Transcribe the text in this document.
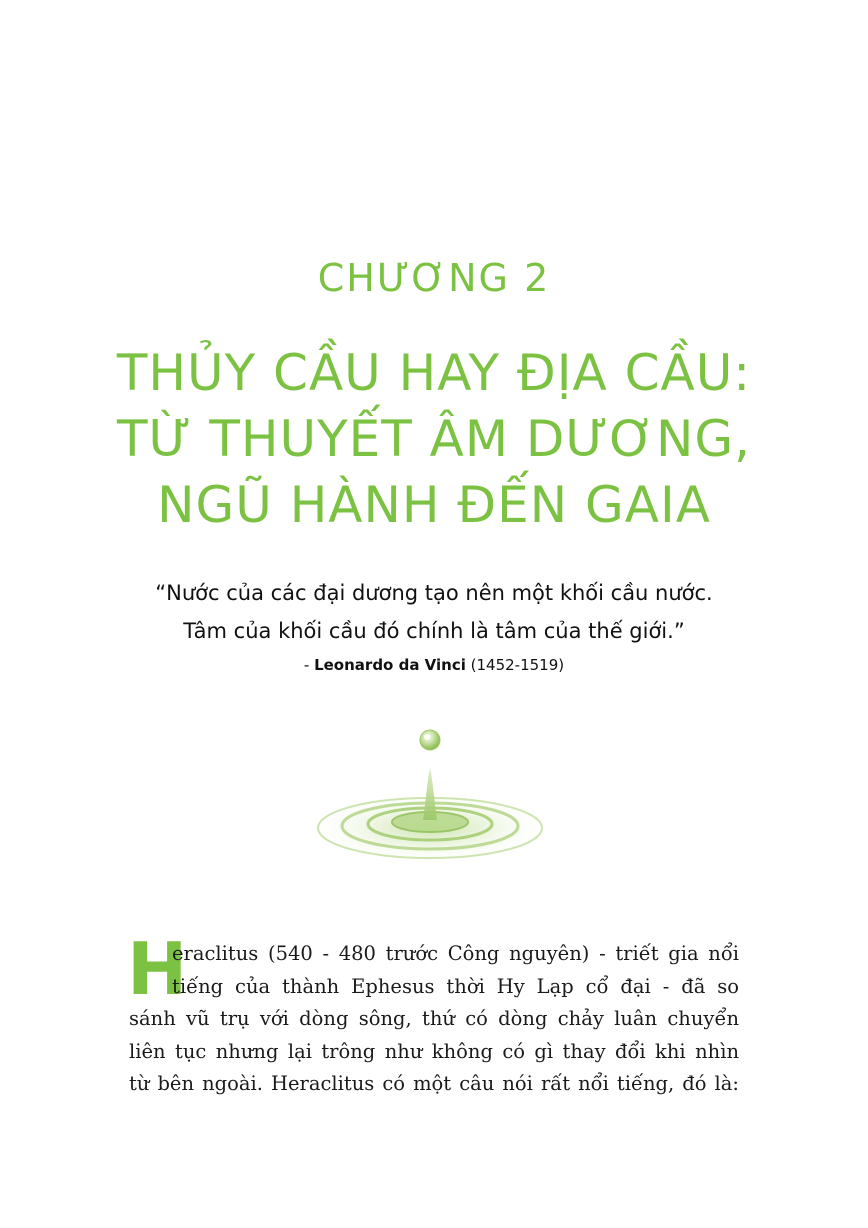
CHƯƠNG 2
THỦY CẦU HAY ĐỊA CẦU:
TỪ THUYẾT ÂM DƯƠNG,
NGŨ HÀNH ĐẾN GAIA
“Nước của các đại dương tạo nên một khối cầu nước.
Tâm của khối cầu đó chính là tâm của thế giới.”
- Leonardo da Vinci (1452-1519)
H
eraclitus (540 - 480 trước Công nguyên) - triết gia nổi
tiếng của thành Ephesus thời Hy Lạp cổ đại - đã so
sánh vũ trụ với dòng sông, thứ có dòng chảy luân chuyển
liên tục nhưng lại trông như không có gì thay đổi khi nhìn
từ bên ngoài. Heraclitus có một câu nói rất nổi tiếng, đó là:
